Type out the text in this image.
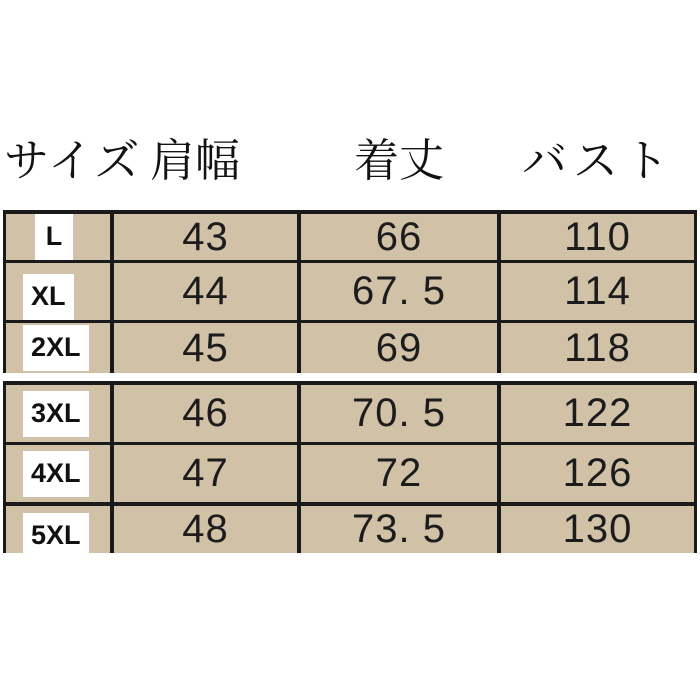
サイズ 肩幅	着丈 バスト
L	43	66	110
XL	44	67. 5	114
2XL	45	69	118
3XL	46	70. 5	122
4XL	47	72	126
5XL	48	73. 5	130
